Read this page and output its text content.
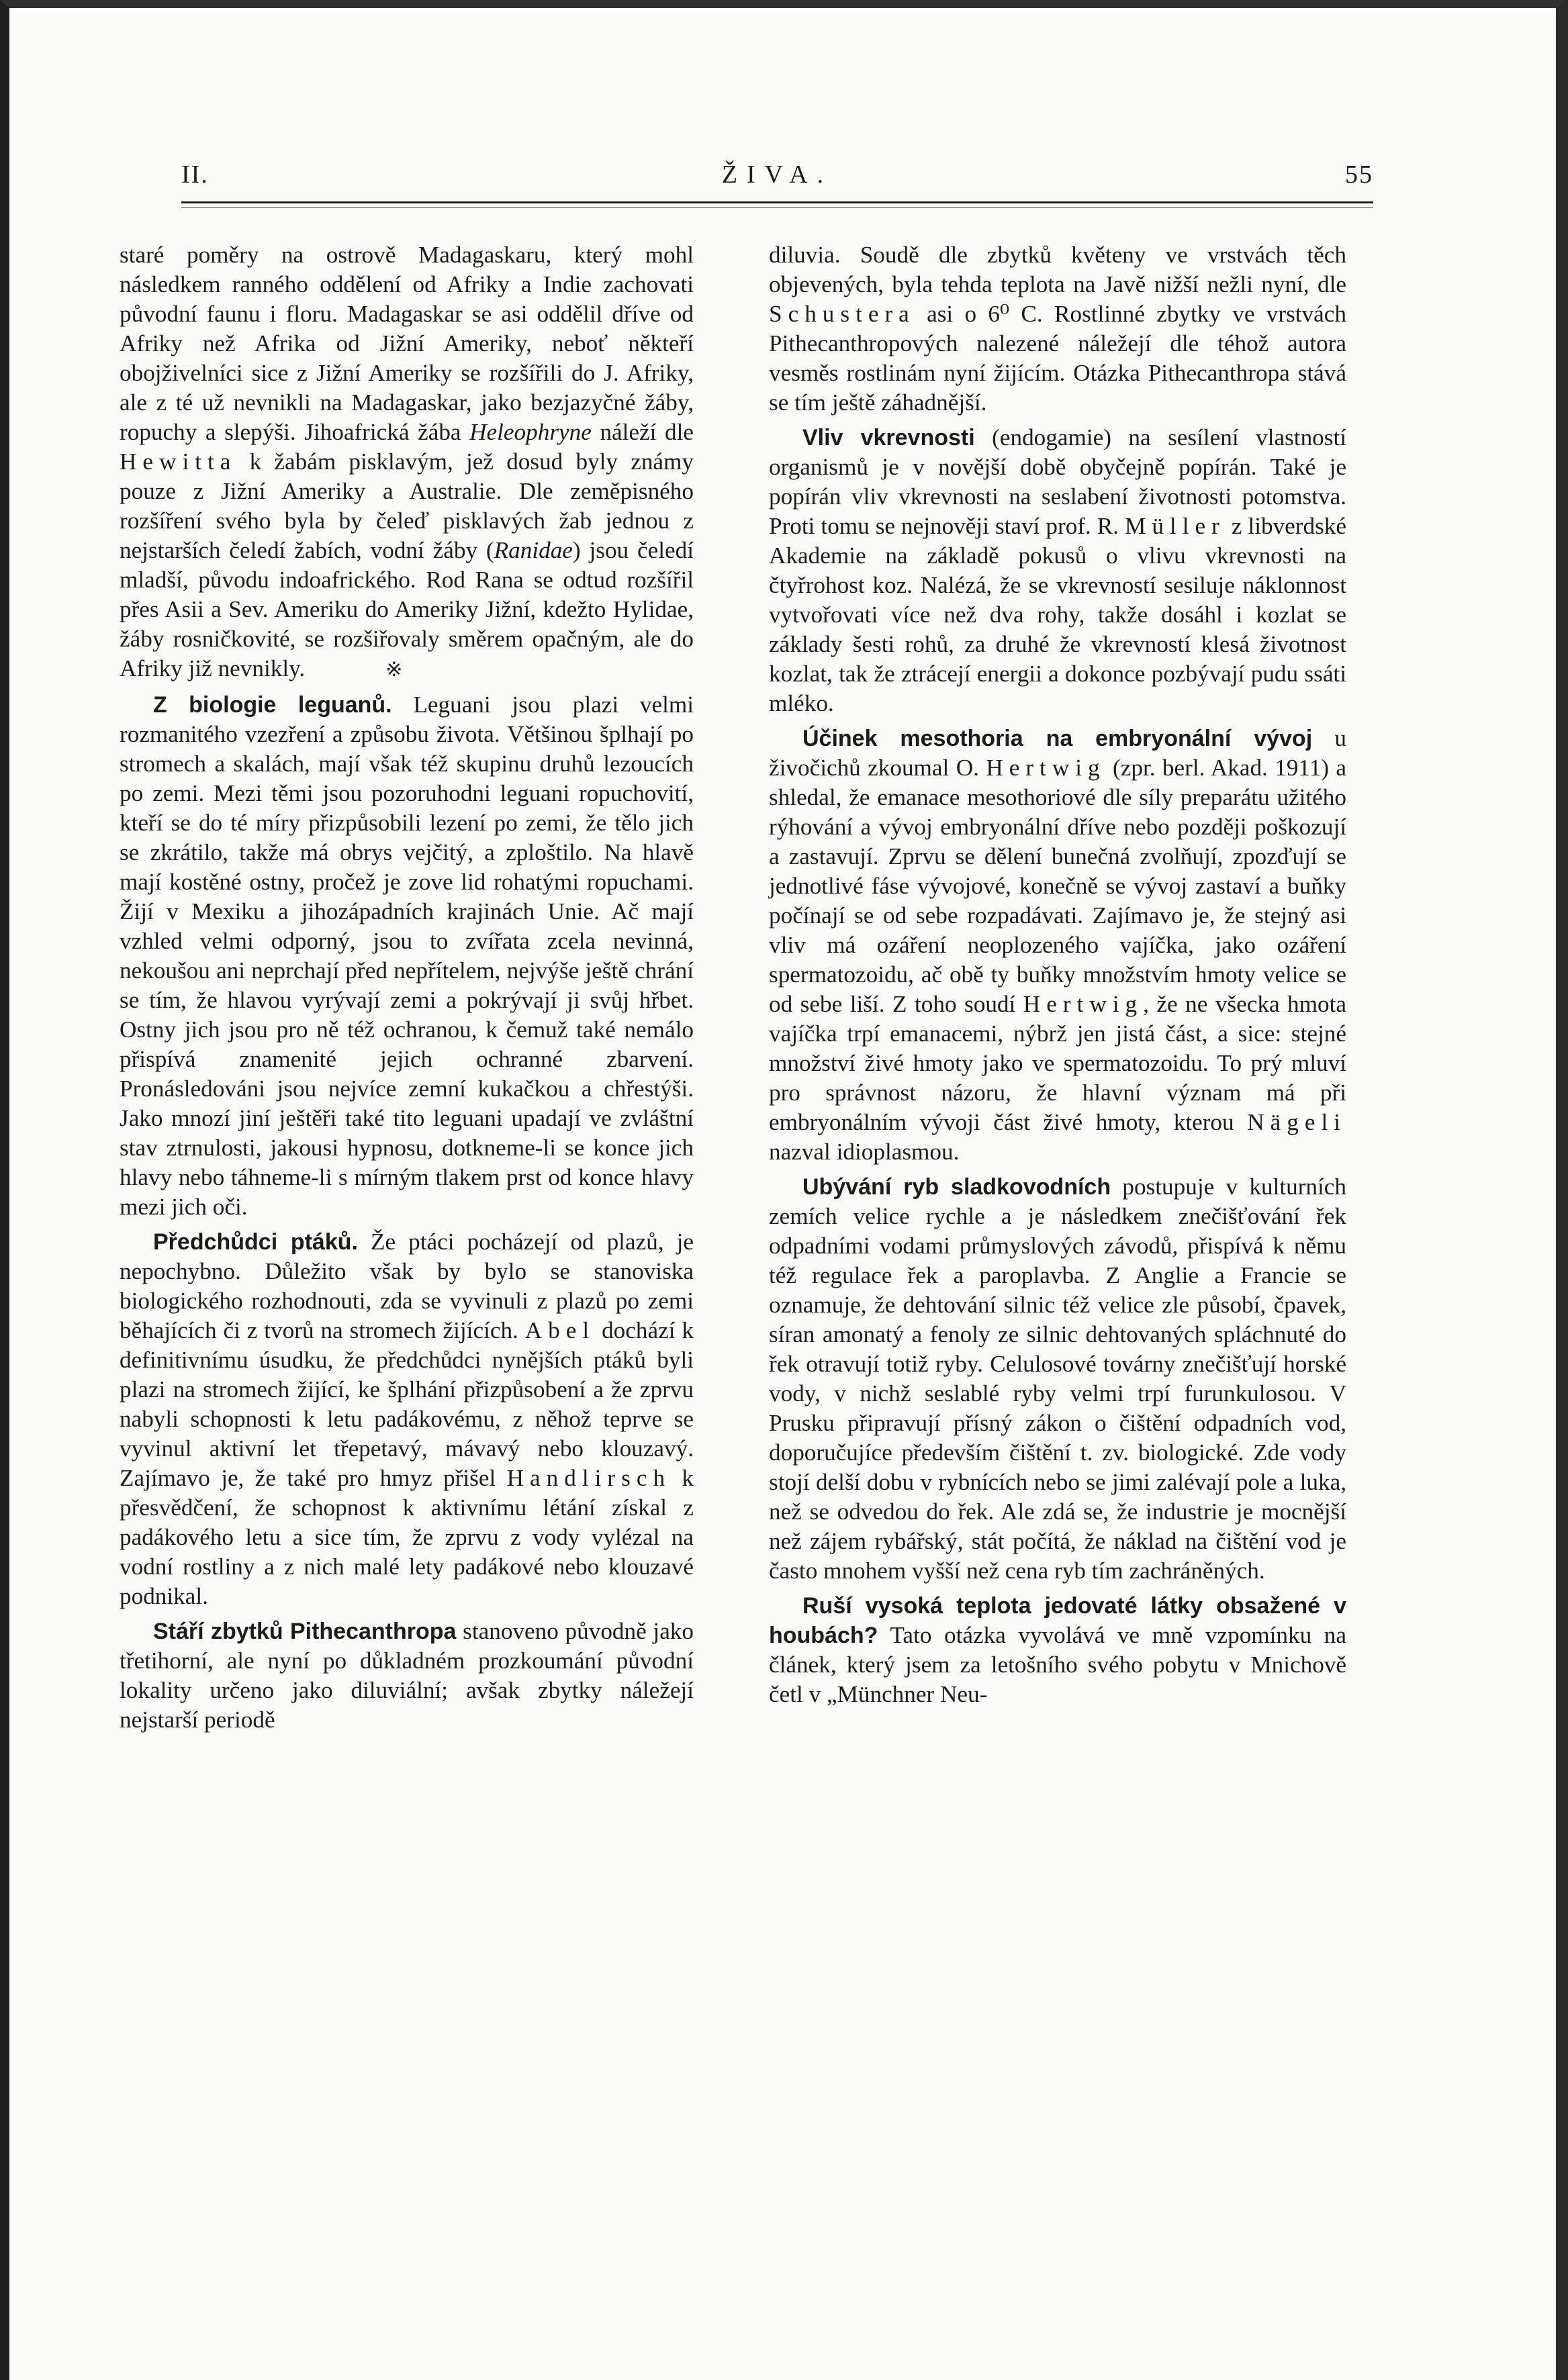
II.	ŽIVA.	55

staré poměry na ostrově Madagaskaru, který mohl následkem ranného oddělení od Afriky a Indie zachovati původní faunu i floru. Madagaskar se asi oddělil dříve od Afriky než Afrika od Jižní Ameriky, neboť někteří obojživelníci sice z Jižní Ameriky se rozšířili do J. Afriky, ale z té už nevnikli na Madagaskar, jako bezjazyčné žáby, ropuchy a slepýši. Jihoafrická žába Heleophryne náleží dle Hewitta k žabám pisklavým, jež dosud byly známy pouze z Jižní Ameriky a Australie. Dle zeměpisného rozšíření svého byla by čeleď pisklavých žab jednou z nejstarších čeledí žabích, vodní žáby (Ranidae) jsou čeledí mladší, původu indoafrického. Rod Rana se odtud rozšířil přes Asii a Sev. Ameriku do Ameriky Jižní, kdežto Hylidae, žáby rosničkovité, se rozšiřovaly směrem opačným, ale do Afriky již nevnikly.	※

Z biologie leguanů. Leguani jsou plazi velmi rozmanitého vzezření a způsobu života. Většinou šplhají po stromech a skalách, mají však též skupinu druhů lezoucích po zemi. Mezi těmi jsou pozoruhodni leguani ropuchovití, kteří se do té míry přizpůsobili lezení po zemi, že tělo jich se zkrátilo, takže má obrys vejčitý, a zploštilo. Na hlavě mají kostěné ostny, pročež je zove lid rohatými ropuchami. Žijí v Mexiku a jihozápadních krajinách Unie. Ač mají vzhled velmi odporný, jsou to zvířata zcela nevinná, nekoušou ani neprchají před nepřítelem, nejvýše ještě chrání se tím, že hlavou vyrývají zemi a pokrývají ji svůj hřbet. Ostny jich jsou pro ně též ochranou, k čemuž také nemálo přispívá znamenité jejich ochranné zbarvení. Pronásledováni jsou nejvíce zemní kukačkou a chřestýši. Jako mnozí jiní ještěři také tito leguani upadají ve zvláštní stav ztrnulosti, jakousi hypnosu, dotkneme-li se konce jich hlavy nebo táhneme-li s mírným tlakem prst od konce hlavy mezi jich oči.

Předchůdci ptáků. Že ptáci pocházejí od plazů, je nepochybno. Důležito však by bylo se stanoviska biologického rozhodnouti, zda se vyvinuli z plazů po zemi běhajících či z tvorů na stromech žijících. Abel dochází k definitivnímu úsudku, že předchůdci nynějších ptáků byli plazi na stromech žijící, ke šplhání přizpůsobení a že zprvu nabyli schopnosti k letu padákovému, z něhož teprve se vyvinul aktivní let třepetavý, mávavý nebo klouzavý. Zajímavo je, že také pro hmyz přišel Handlirsch k přesvědčení, že schopnost k aktivnímu létání získal z padákového letu a sice tím, že zprvu z vody vylézal na vodní rostliny a z nich malé lety padákové nebo klouzavé podnikal.

Stáří zbytků Pithecanthropa stanoveno původně jako třetihorní, ale nyní po důkladném prozkoumání původní lokality určeno jako diluviální; avšak zbytky náležejí nejstarší periodě

diluvia. Soudě dle zbytků květeny ve vrstvách těch objevených, byla tehda teplota na Javě nižší nežli nyní, dle Schustera asi o 6⁰ C. Rostlinné zbytky ve vrstvách Pithecanthropových nalezené náležejí dle téhož autora vesměs rostlinám nyní žijícím. Otázka Pithecanthropa stává se tím ještě záhadnější.

Vliv vkrevnosti (endogamie) na sesílení vlastností organismů je v novější době obyčejně popírán. Také je popírán vliv vkrevnosti na seslabení životnosti potomstva. Proti tomu se nejnověji staví prof. R. Müller z libverdské Akademie na základě pokusů o vlivu vkrevnosti na čtyřrohost koz. Nalézá, že se vkrevností sesiluje náklonnost vytvořovati více než dva rohy, takže dosáhl i kozlat se základy šesti rohů, za druhé že vkrevností klesá životnost kozlat, tak že ztrácejí energii a dokonce pozbývají pudu ssáti mléko.

Účinek mesothoria na embryonální vývoj u živočichů zkoumal O. Hertwig (zpr. berl. Akad. 1911) a shledal, že emanace mesothoriové dle síly preparátu užitého rýhování a vývoj embryonální dříve nebo později poškozují a zastavují. Zprvu se dělení bunečná zvolňují, zpozďují se jednotlivé fáse vývojové, konečně se vývoj zastaví a buňky počínají se od sebe rozpadávati. Zajímavo je, že stejný asi vliv má ozáření neoplozeného vajíčka, jako ozáření spermatozoidu, ač obě ty buňky množstvím hmoty velice se od sebe liší. Z toho soudí Hertwig, že ne všecka hmota vajíčka trpí emanacemi, nýbrž jen jistá část, a sice: stejné množství živé hmoty jako ve spermatozoidu. To prý mluví pro správnost názoru, že hlavní význam má při embryonálním vývoji část živé hmoty, kterou Nägeli nazval idioplasmou.

Ubývání ryb sladkovodních postupuje v kulturních zemích velice rychle a je následkem znečišťování řek odpadními vodami průmyslových závodů, přispívá k němu též regulace řek a paroplavba. Z Anglie a Francie se oznamuje, že dehtování silnic též velice zle působí, čpavek, síran amonatý a fenoly ze silnic dehtovaných spláchnuté do řek otravují totiž ryby. Celulosové továrny znečišťují horské vody, v nichž seslablé ryby velmi trpí furunkulosou. V Prusku připravují přísný zákon o čištění odpadních vod, doporučujíce především čištění t. zv. biologické. Zde vody stojí delší dobu v rybnících nebo se jimi zalévají pole a luka, než se odvedou do řek. Ale zdá se, že industrie je mocnější než zájem rybářský, stát počítá, že náklad na čištění vod je často mnohem vyšší než cena ryb tím zachráněných.

Ruší vysoká teplota jedovaté látky obsažené v houbách? Tato otázka vyvolává ve mně vzpomínku na článek, který jsem za letošního svého pobytu v Mnichově četl v „Münchner Neu-
